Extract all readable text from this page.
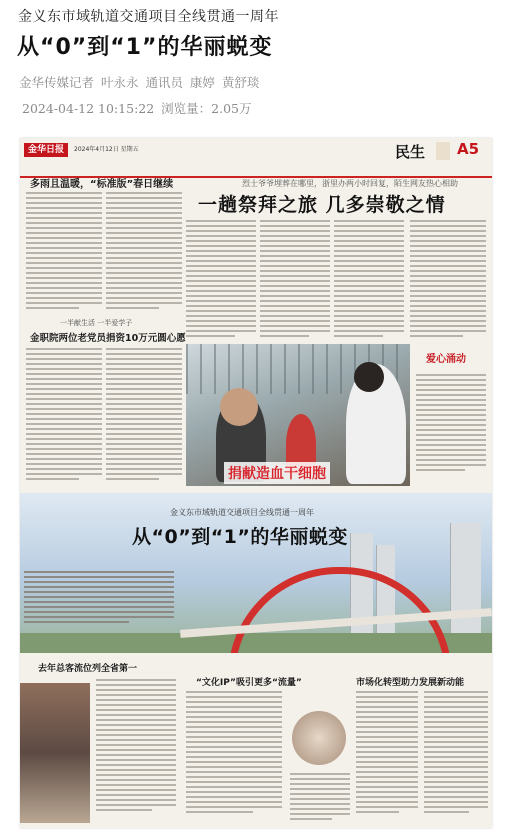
金义东市域轨道交通项目全线贯通一周年
从“0”到“1”的华丽蜕变
金华传媒记者 叶永永 通讯员 康婷 黄舒琰
2024-04-12 10:15:22 浏览量：2.05万
金华日报	2024年4月12日 星期五	民生 A5
多雨且温暖，“标准版”春日继续
一半献生活 一半爱学子
金职院两位老党员捐资10万元圆心愿
烈士爷爷埋葬在哪里，浙里办两小时回复，陌生网友热心相助
一趟祭拜之旅 几多崇敬之情
捐献造血干细胞
爱心涌动
金义东市域轨道交通项目全线贯通一周年
从“0”到“1”的华丽蜕变
去年总客流位列全省第一
“文化IP”吸引更多“流量”	市场化转型助力发展新动能
